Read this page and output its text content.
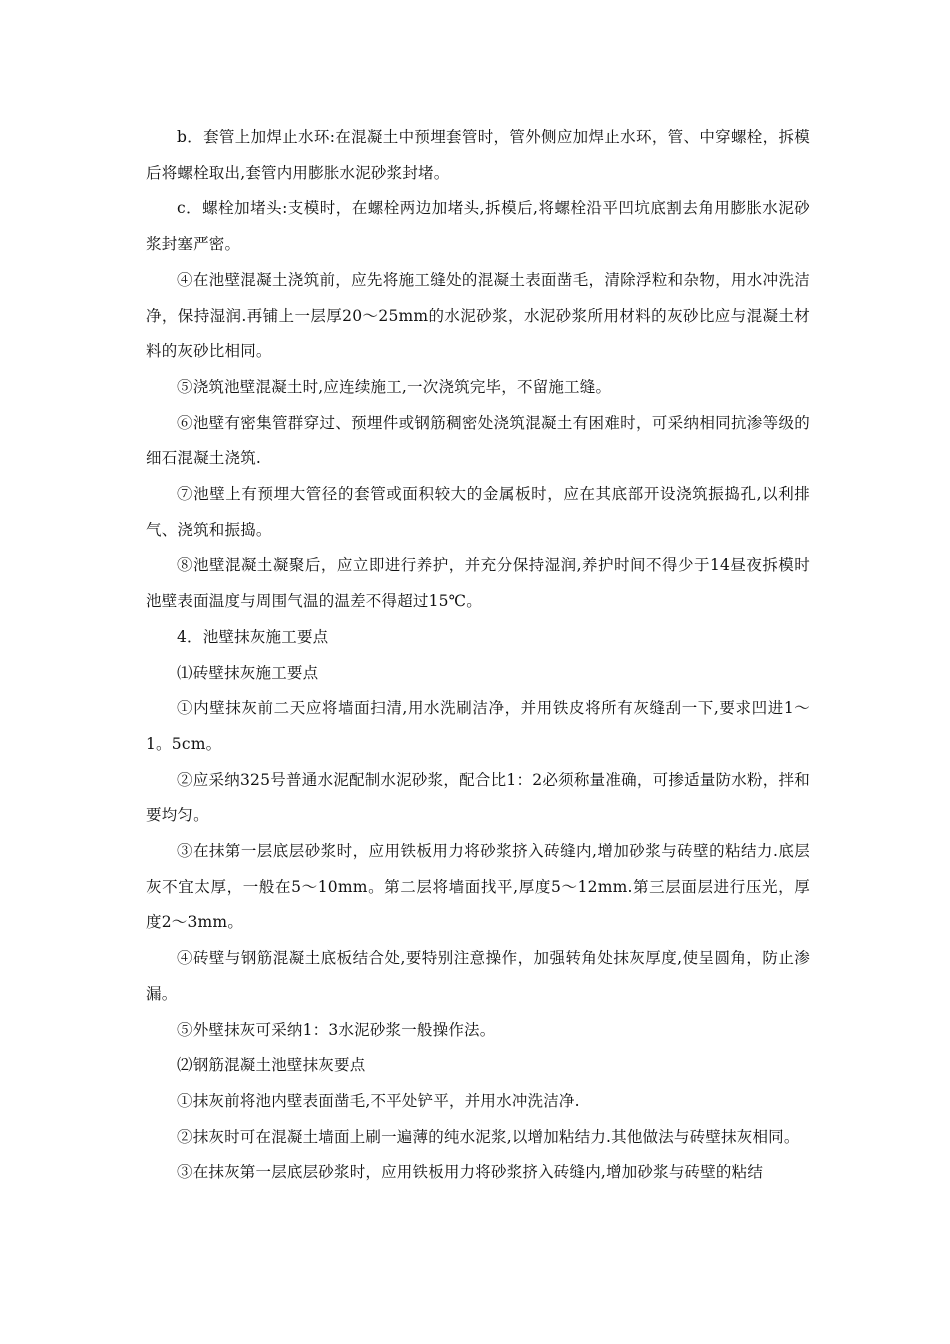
b．套管上加焊止水环:在混凝土中预埋套管时，管外侧应加焊止水环，管、中穿螺栓，拆模后将螺栓取出,套管内用膨胀水泥砂浆封堵。

c．螺栓加堵头:支模时，在螺栓两边加堵头,拆模后,将螺栓沿平凹坑底割去角用膨胀水泥砂浆封塞严密。

④在池壁混凝土浇筑前，应先将施工缝处的混凝土表面凿毛，清除浮粒和杂物，用水冲洗洁净，保持湿润.再铺上一层厚20～25mm的水泥砂浆，水泥砂浆所用材料的灰砂比应与混凝土材料的灰砂比相同。

⑤浇筑池壁混凝土时,应连续施工,一次浇筑完毕，不留施工缝。

⑥池壁有密集管群穿过、预埋件或钢筋稠密处浇筑混凝土有困难时，可采纳相同抗渗等级的细石混凝土浇筑.

⑦池壁上有预埋大管径的套管或面积较大的金属板时，应在其底部开设浇筑振捣孔,以利排气、浇筑和振捣。

⑧池壁混凝土凝聚后，应立即进行养护，并充分保持湿润,养护时间不得少于14昼夜拆模时池壁表面温度与周围气温的温差不得超过15℃。

4．池壁抹灰施工要点

⑴砖壁抹灰施工要点

①内壁抹灰前二天应将墙面扫清,用水洗刷洁净，并用铁皮将所有灰缝刮一下,要求凹进1～1。5cm。

②应采纳325号普通水泥配制水泥砂浆，配合比1：2必须称量准确，可掺适量防水粉，拌和要均匀。

③在抹第一层底层砂浆时，应用铁板用力将砂浆挤入砖缝内,增加砂浆与砖壁的粘结力.底层灰不宜太厚，一般在5～10mm。第二层将墙面找平,厚度5～12mm.第三层面层进行压光，厚度2～3mm。

④砖壁与钢筋混凝土底板结合处,要特别注意操作，加强转角处抹灰厚度,使呈圆角，防止渗漏。

⑤外壁抹灰可采纳1：3水泥砂浆一般操作法。

⑵钢筋混凝土池壁抹灰要点

①抹灰前将池内壁表面凿毛,不平处铲平，并用水冲洗洁净.

②抹灰时可在混凝土墙面上刷一遍薄的纯水泥浆,以增加粘结力.其他做法与砖壁抹灰相同。

③在抹灰第一层底层砂浆时，应用铁板用力将砂浆挤入砖缝内,增加砂浆与砖壁的粘结
